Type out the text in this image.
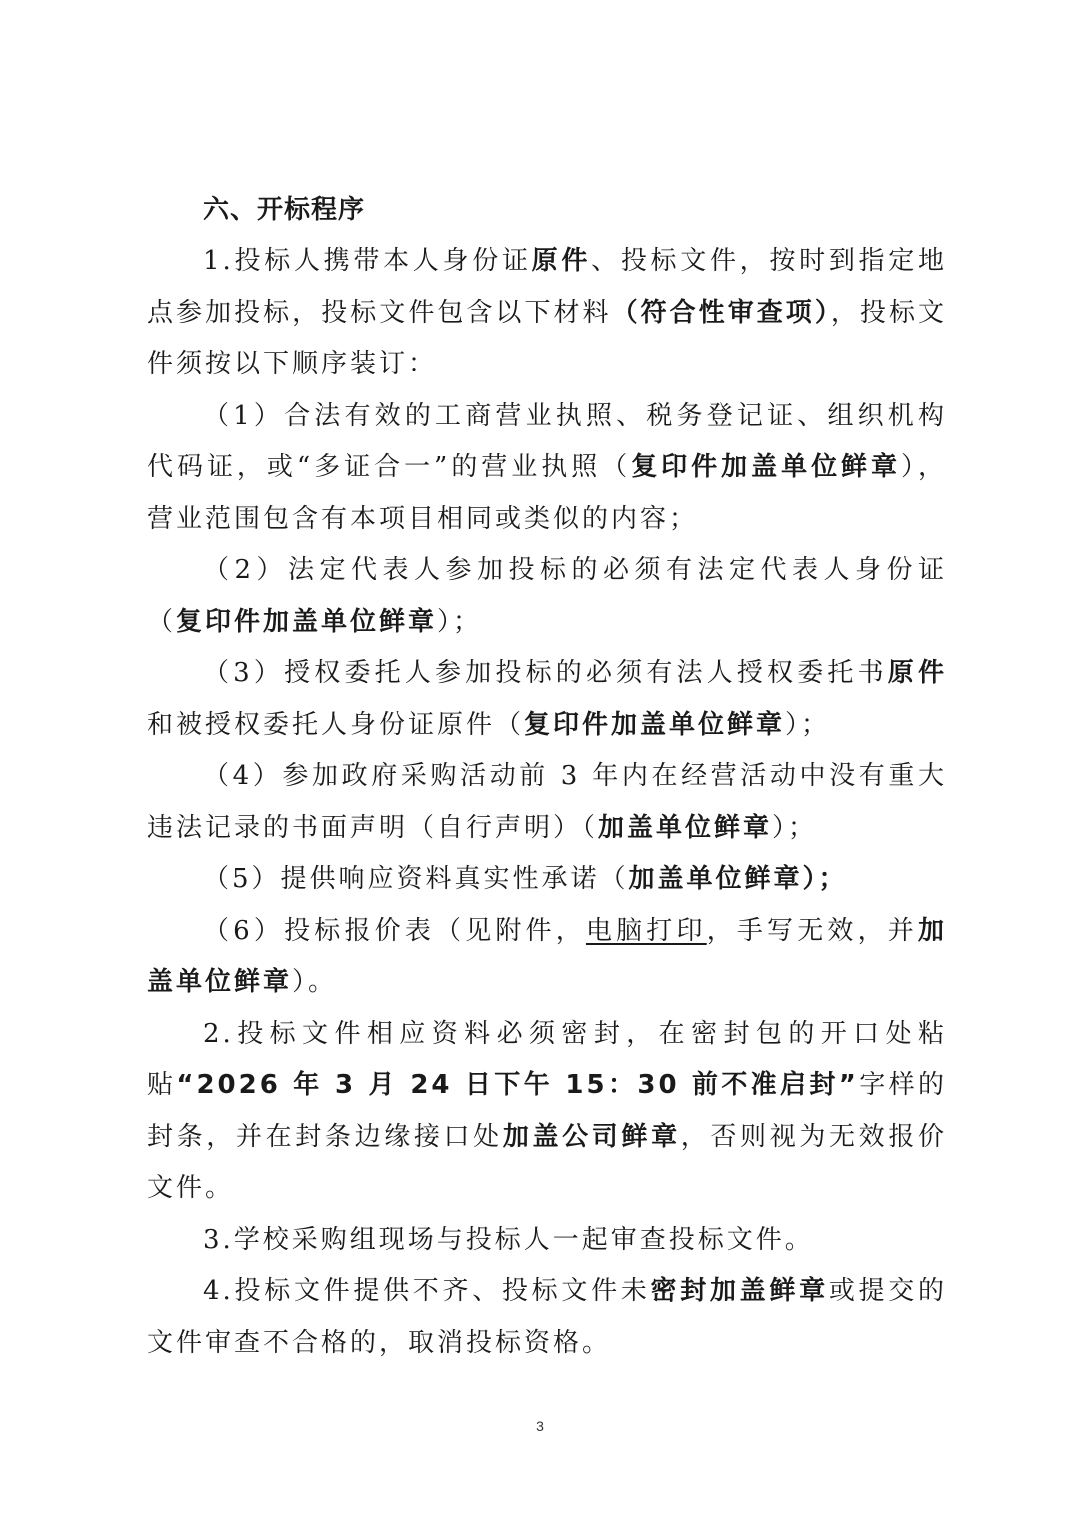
六、开标程序

1.投标人携带本人身份证原件、投标文件，按时到指定地点参加投标，投标文件包含以下材料（符合性审查项），投标文件须按以下顺序装订：

（1）合法有效的工商营业执照、税务登记证、组织机构代码证，或“多证合一”的营业执照（复印件加盖单位鲜章），营业范围包含有本项目相同或类似的内容；

（2）法定代表人参加投标的必须有法定代表人身份证（复印件加盖单位鲜章）；

（3）授权委托人参加投标的必须有法人授权委托书原件和被授权委托人身份证原件（复印件加盖单位鲜章）；

（4）参加政府采购活动前 3 年内在经营活动中没有重大违法记录的书面声明（自行声明）（加盖单位鲜章）；

（5）提供响应资料真实性承诺（加盖单位鲜章）；

（6）投标报价表（见附件，电脑打印，手写无效，并加盖单位鲜章）。

2.投标文件相应资料必须密封，在密封包的开口处粘贴“2026 年 3 月 24 日下午 15：30 前不准启封”字样的封条，并在封条边缘接口处加盖公司鲜章，否则视为无效报价文件。

3.学校采购组现场与投标人一起审查投标文件。

4.投标文件提供不齐、投标文件未密封加盖鲜章或提交的文件审查不合格的，取消投标资格。

3
